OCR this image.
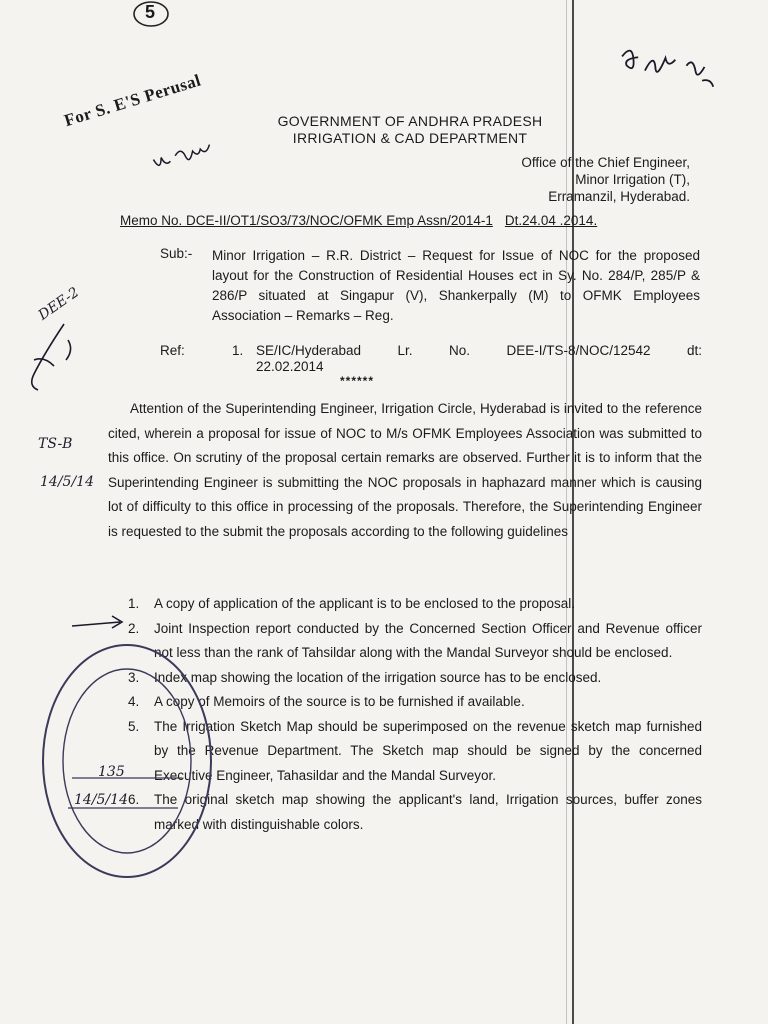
5
For S. E'S Perusal	GOVERNMENT OF ANDHRA PRADESH
IRRIGATION & CAD DEPARTMENT
Office of the Chief Engineer,
Minor Irrigation (T),
Erramanzil, Hyderabad.
Memo No. DCE-II/OT1/SO3/73/NOC/OFMK Emp Assn/2014-1 Dt.24.04 .2014.
Sub:- Minor Irrigation – R.R. District – Request for Issue of NOC for the proposed layout for the Construction of Residential Houses ect in Sy. No. 284/P, 285/P & 286/P situated at Singapur (V), Shankerpally (M) to OFMK Employees Association – Remarks – Reg.
DEE-2
TS-B
14/5/14
Ref:	1. SE/IC/Hyderabad Lr. No. DEE-I/TS-8/NOC/12542 dt:
22.02.2014
******
Attention of the Superintending Engineer, Irrigation Circle, Hyderabad is invited to the reference cited, wherein a proposal for issue of NOC to M/s OFMK Employees Association was submitted to this office. On scrutiny of the proposal certain remarks are observed. Further it is to inform that the Superintending Engineer is submitting the NOC proposals in haphazard manner which is causing lot of difficulty to this office in processing of the proposals. Therefore, the Superintending Engineer is requested to the submit the proposals according to the following guidelines
1. A copy of application of the applicant is to be enclosed to the proposal.
2. Joint Inspection report conducted by the Concerned Section Officer and Revenue officer not less than the rank of Tahsildar along with the Mandal Surveyor should be enclosed.
3. Index map showing the location of the irrigation source has to be enclosed.
4. A copy of Memoirs of the source is to be furnished if available.
5. The Irrigation Sketch Map should be superimposed on the revenue sketch map furnished by the Revenue Department. The Sketch map should be signed by the concerned Executive Engineer, Tahasildar and the Mandal Surveyor.
6. The original sketch map showing the applicant's land, Irrigation sources, buffer zones marked with distinguishable colors.
135
14/5/14
